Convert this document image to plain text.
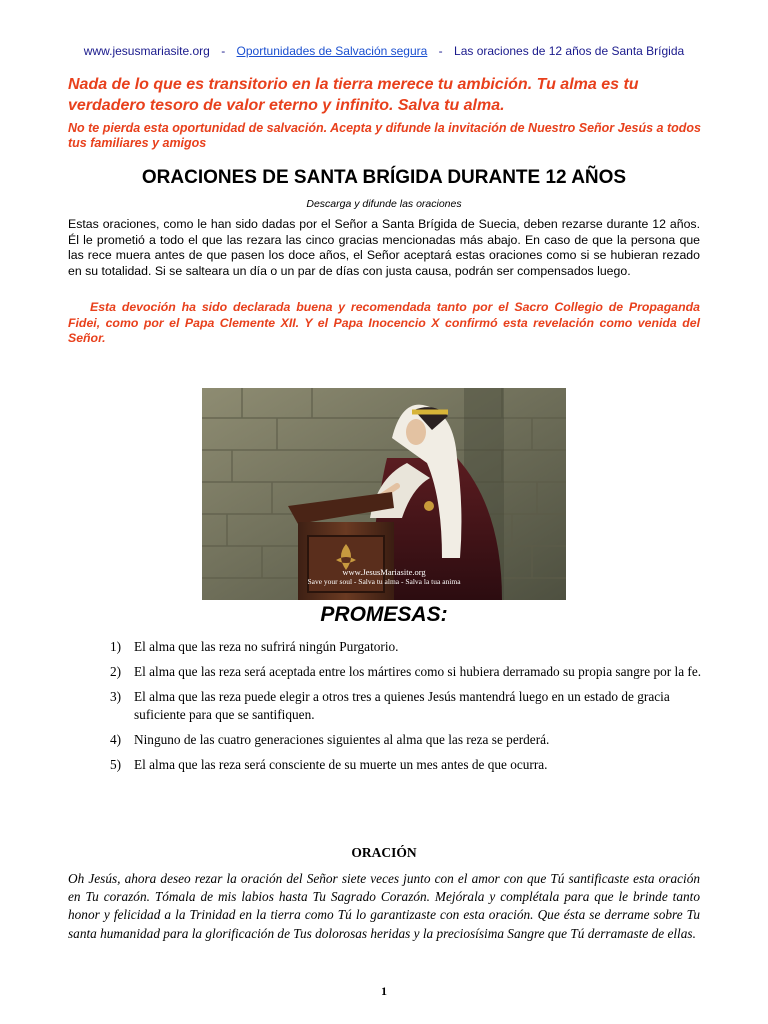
www.jesusmariasite.org - Oportunidades de Salvación segura - Las oraciones de 12 años de Santa Brígida
Nada de lo que es transitorio en la tierra merece tu ambición. Tu alma es tu verdadero tesoro de valor eterno y infinito. Salva tu alma.
No te pierda esta oportunidad de salvación. Acepta y difunde la invitación de Nuestro Señor Jesús a todos tus familiares y amigos
ORACIONES DE SANTA BRÍGIDA DURANTE 12 AÑOS
Descarga y difunde las oraciones
Estas oraciones, como le han sido dadas por el Señor a Santa Brígida de Suecia, deben rezarse durante 12 años. Él le prometió a todo el que las rezara las cinco gracias mencionadas más abajo. En caso de que la persona que las rece muera antes de que pasen los doce años, el Señor aceptará estas oraciones como si se hubieran rezado en su totalidad. Si se salteara un día o un par de días con justa causa, podrán ser compensados luego.
Esta devoción ha sido declarada buena y recomendada tanto por el Sacro Collegio de Propaganda Fidei, como por el Papa Clemente XII. Y el Papa Inocencio X confirmó esta revelación como venida del Señor.
www.JesusMariasite.org
Save your soul - Salva tu alma - Salva la tua anima
PROMESAS:
1) El alma que las reza no sufrirá ningún Purgatorio.
2) El alma que las reza será aceptada entre los mártires como si hubiera derramado su propia sangre por la fe.
3) El alma que las reza puede elegir a otros tres a quienes Jesús mantendrá luego en un estado de gracia suficiente para que se santifiquen.
4) Ninguno de las cuatro generaciones siguientes al alma que las reza se perderá.
5) El alma que las reza será consciente de su muerte un mes antes de que ocurra.
ORACIÓN
Oh Jesús, ahora deseo rezar la oración del Señor siete veces junto con el amor con que Tú santificaste esta oración en Tu corazón. Tómala de mis labios hasta Tu Sagrado Corazón. Mejórala y complétala para que le brinde tanto honor y felicidad a la Trinidad en la tierra como Tú lo garantizaste con esta oración. Que ésta se derrame sobre Tu santa humanidad para la glorificación de Tus dolorosas heridas y la preciosísima Sangre que Tú derramaste de ellas.
1
